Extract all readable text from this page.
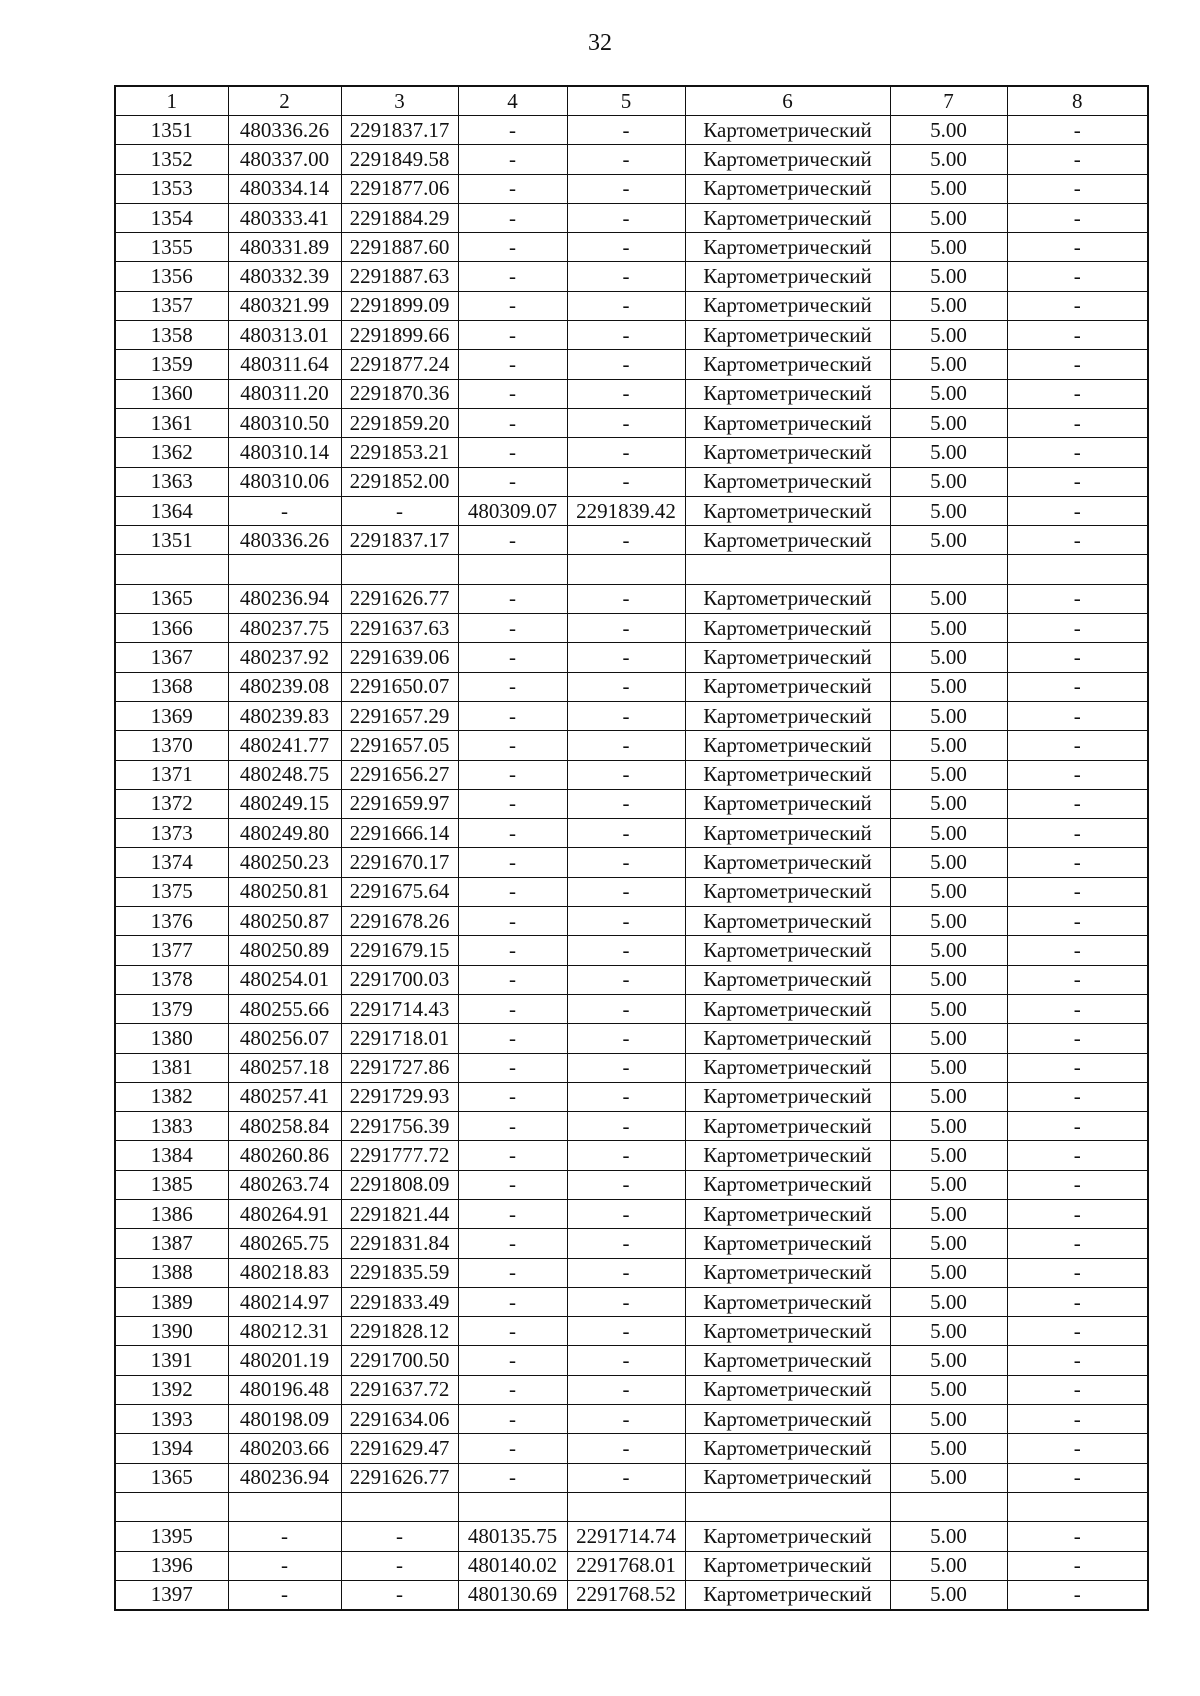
32
1	2	3	4	5	6	7	8
1351	480336.26	2291837.17	-	-	Картометрический	5.00	-
1352	480337.00	2291849.58	-	-	Картометрический	5.00	-
1353	480334.14	2291877.06	-	-	Картометрический	5.00	-
1354	480333.41	2291884.29	-	-	Картометрический	5.00	-
1355	480331.89	2291887.60	-	-	Картометрический	5.00	-
1356	480332.39	2291887.63	-	-	Картометрический	5.00	-
1357	480321.99	2291899.09	-	-	Картометрический	5.00	-
1358	480313.01	2291899.66	-	-	Картометрический	5.00	-
1359	480311.64	2291877.24	-	-	Картометрический	5.00	-
1360	480311.20	2291870.36	-	-	Картометрический	5.00	-
1361	480310.50	2291859.20	-	-	Картометрический	5.00	-
1362	480310.14	2291853.21	-	-	Картометрический	5.00	-
1363	480310.06	2291852.00	-	-	Картометрический	5.00	-
1364	-	-	480309.07	2291839.42	Картометрический	5.00	-
1351	480336.26	2291837.17	-	-	Картометрический	5.00	-

1365	480236.94	2291626.77	-	-	Картометрический	5.00	-
1366	480237.75	2291637.63	-	-	Картометрический	5.00	-
1367	480237.92	2291639.06	-	-	Картометрический	5.00	-
1368	480239.08	2291650.07	-	-	Картометрический	5.00	-
1369	480239.83	2291657.29	-	-	Картометрический	5.00	-
1370	480241.77	2291657.05	-	-	Картометрический	5.00	-
1371	480248.75	2291656.27	-	-	Картометрический	5.00	-
1372	480249.15	2291659.97	-	-	Картометрический	5.00	-
1373	480249.80	2291666.14	-	-	Картометрический	5.00	-
1374	480250.23	2291670.17	-	-	Картометрический	5.00	-
1375	480250.81	2291675.64	-	-	Картометрический	5.00	-
1376	480250.87	2291678.26	-	-	Картометрический	5.00	-
1377	480250.89	2291679.15	-	-	Картометрический	5.00	-
1378	480254.01	2291700.03	-	-	Картометрический	5.00	-
1379	480255.66	2291714.43	-	-	Картометрический	5.00	-
1380	480256.07	2291718.01	-	-	Картометрический	5.00	-
1381	480257.18	2291727.86	-	-	Картометрический	5.00	-
1382	480257.41	2291729.93	-	-	Картометрический	5.00	-
1383	480258.84	2291756.39	-	-	Картометрический	5.00	-
1384	480260.86	2291777.72	-	-	Картометрический	5.00	-
1385	480263.74	2291808.09	-	-	Картометрический	5.00	-
1386	480264.91	2291821.44	-	-	Картометрический	5.00	-
1387	480265.75	2291831.84	-	-	Картометрический	5.00	-
1388	480218.83	2291835.59	-	-	Картометрический	5.00	-
1389	480214.97	2291833.49	-	-	Картометрический	5.00	-
1390	480212.31	2291828.12	-	-	Картометрический	5.00	-
1391	480201.19	2291700.50	-	-	Картометрический	5.00	-
1392	480196.48	2291637.72	-	-	Картометрический	5.00	-
1393	480198.09	2291634.06	-	-	Картометрический	5.00	-
1394	480203.66	2291629.47	-	-	Картометрический	5.00	-
1365	480236.94	2291626.77	-	-	Картометрический	5.00	-

1395	-	-	480135.75	2291714.74	Картометрический	5.00	-
1396	-	-	480140.02	2291768.01	Картометрический	5.00	-
1397	-	-	480130.69	2291768.52	Картометрический	5.00	-
